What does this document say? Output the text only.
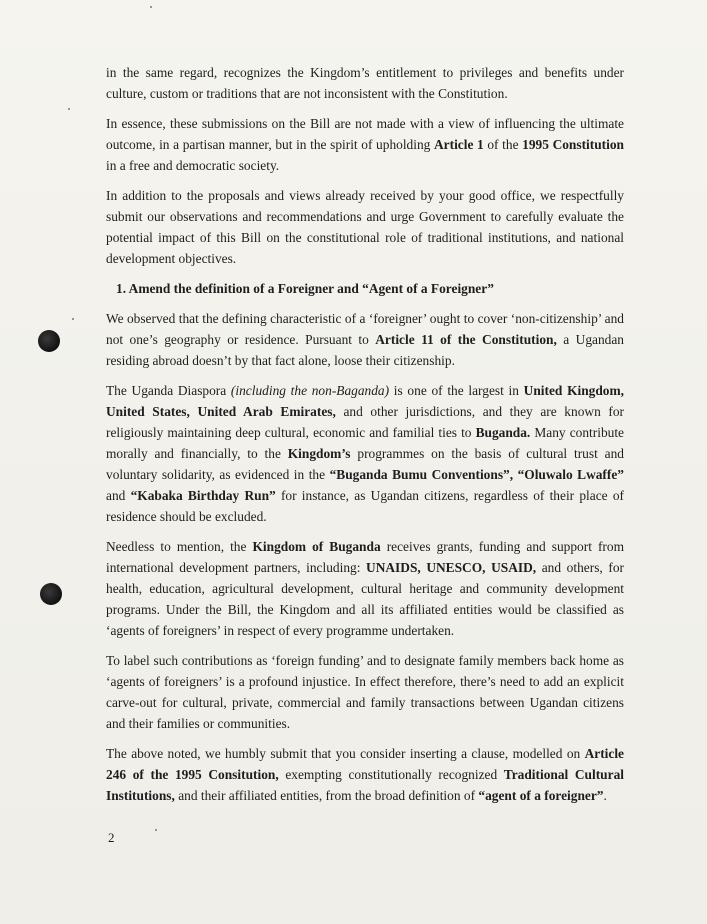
in the same regard, recognizes the Kingdom’s entitlement to privileges and benefits under culture, custom or traditions that are not inconsistent with the Constitution.

In essence, these submissions on the Bill are not made with a view of influencing the ultimate outcome, in a partisan manner, but in the spirit of upholding Article 1 of the 1995 Constitution in a free and democratic society.

In addition to the proposals and views already received by your good office, we respectfully submit our observations and recommendations and urge Government to carefully evaluate the potential impact of this Bill on the constitutional role of traditional institutions, and national development objectives.

1. Amend the definition of a Foreigner and “Agent of a Foreigner”

We observed that the defining characteristic of a ‘foreigner’ ought to cover ‘non-citizenship’ and not one’s geography or residence. Pursuant to Article 11 of the Constitution, a Ugandan residing abroad doesn’t by that fact alone, loose their citizenship.

The Uganda Diaspora (including the non-Baganda) is one of the largest in United Kingdom, United States, United Arab Emirates, and other jurisdictions, and they are known for religiously maintaining deep cultural, economic and familial ties to Buganda. Many contribute morally and financially, to the Kingdom’s programmes on the basis of cultural trust and voluntary solidarity, as evidenced in the “Buganda Bumu Conventions”, “Oluwalo Lwaffe” and “Kabaka Birthday Run” for instance, as Ugandan citizens, regardless of their place of residence should be excluded.

Needless to mention, the Kingdom of Buganda receives grants, funding and support from international development partners, including: UNAIDS, UNESCO, USAID, and others, for health, education, agricultural development, cultural heritage and community development programs. Under the Bill, the Kingdom and all its affiliated entities would be classified as ‘agents of foreigners’ in respect of every programme undertaken.

To label such contributions as ‘foreign funding’ and to designate family members back home as ‘agents of foreigners’ is a profound injustice. In effect therefore, there’s need to add an explicit carve-out for cultural, private, commercial and family transactions between Ugandan citizens and their families or communities.

The above noted, we humbly submit that you consider inserting a clause, modelled on Article 246 of the 1995 Consitution, exempting constitutionally recognized Traditional Cultural Institutions, and their affiliated entities, from the broad definition of “agent of a foreigner”.

2
